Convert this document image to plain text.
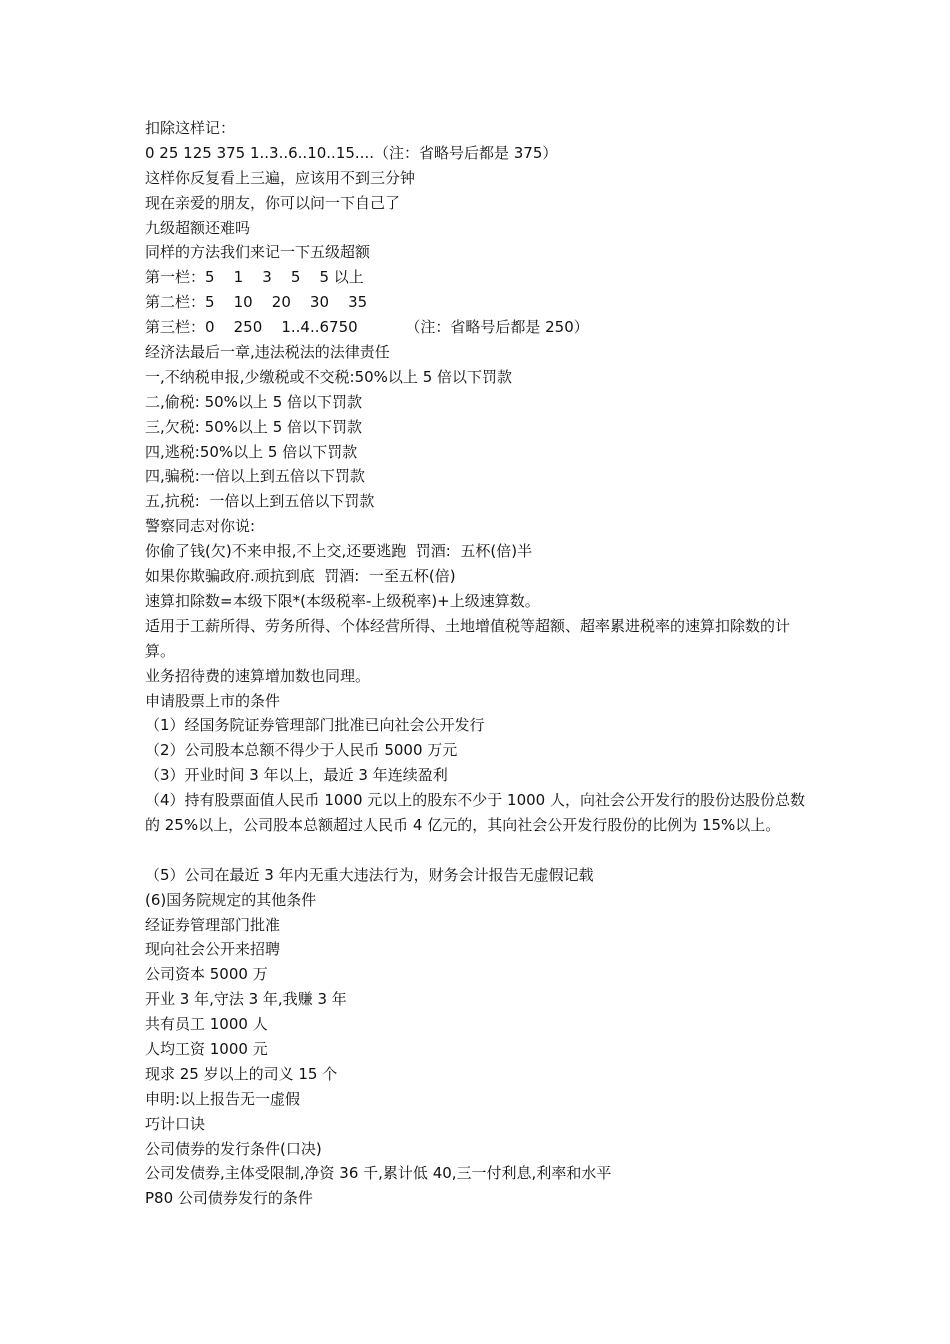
扣除这样记：

0 25 125 375 1..3..6..10..15....（注：省略号后都是 375）

这样你反复看上三遍，应该用不到三分钟

现在亲爱的朋友，你可以问一下自己了

九级超额还难吗

同样的方法我们来记一下五级超额

第一栏：5    1    3    5    5 以上

第二栏：5    10    20    30    35

第三栏：0    250    1..4..6750          （注：省略号后都是 250）

经济法最后一章,违法税法的法律责任

一,不纳税申报,少缴税或不交税:50%以上 5 倍以下罚款

二,偷税: 50%以上 5 倍以下罚款

三,欠税: 50%以上 5 倍以下罚款

四,逃税:50%以上 5 倍以下罚款

四,骗税:一倍以上到五倍以下罚款

五,抗税:  一倍以上到五倍以下罚款

警察同志对你说:

你偷了钱(欠)不来申报,不上交,还要逃跑  罚酒:  五杯(倍)半

如果你欺骗政府.顽抗到底  罚酒:  一至五杯(倍)

速算扣除数=本级下限*(本级税率-上级税率)+上级速算数。

适用于工薪所得、劳务所得、个体经营所得、土地增值税等超额、超率累进税率的速算扣除数的计算。

业务招待费的速算增加数也同理。

申请股票上市的条件

（1）经国务院证券管理部门批准已向社会公开发行

（2）公司股本总额不得少于人民币 5000 万元

（3）开业时间 3 年以上，最近 3 年连续盈利

（4）持有股票面值人民币 1000 元以上的股东不少于 1000 人，向社会公开发行的股份达股份总数的 25%以上，公司股本总额超过人民币 4 亿元的，其向社会公开发行股份的比例为 15%以上。

（5）公司在最近 3 年内无重大违法行为，财务会计报告无虚假记载

(6)国务院规定的其他条件

经证券管理部门批准

现向社会公开来招聘

公司资本 5000 万

开业 3 年,守法 3 年,我赚 3 年

共有员工 1000 人

人均工资 1000 元

现求 25 岁以上的司义 15 个

申明:以上报告无一虚假

巧计口诀

公司债券的发行条件(口决)

公司发债券,主体受限制,净资 36 千,累计低 40,三一付利息,利率和水平

P80 公司债券发行的条件
